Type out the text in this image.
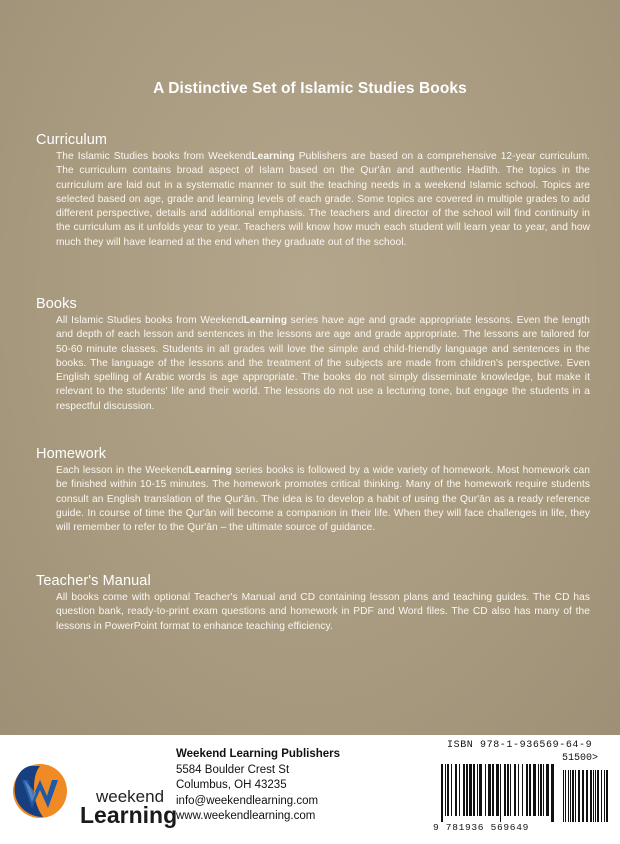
A Distinctive Set of Islamic Studies Books
Curriculum

The Islamic Studies books from WeekendLearning Publishers are based on a comprehensive 12-year curriculum. The curriculum contains broad aspect of Islam based on the Qur'ān and authentic Hadīth. The topics in the curriculum are laid out in a systematic manner to suit the teaching needs in a weekend Islamic school. Topics are selected based on age, grade and learning levels of each grade. Some topics are covered in multiple grades to add different perspective, details and additional emphasis. The teachers and director of the school will find continuity in the curriculum as it unfolds year to year. Teachers will know how much each student will learn year to year, and how much they will have learned at the end when they graduate out of the school.

Books

All Islamic Studies books from WeekendLearning series have age and grade appropriate lessons. Even the length and depth of each lesson and sentences in the lessons are age and grade appropriate. The lessons are tailored for 50-60 minute classes. Students in all grades will love the simple and child-friendly language and sentences in the books. The language of the lessons and the treatment of the subjects are made from children's perspective. Even English spelling of Arabic words is age appropriate. The books do not simply disseminate knowledge, but make it relevant to the students' life and their world. The lessons do not use a lecturing tone, but engage the students in a respectful discussion.

Homework

Each lesson in the WeekendLearning series books is followed by a wide variety of homework. Most homework can be finished within 10-15 minutes. The homework promotes critical thinking. Many of the homework require students consult an English translation of the Qur'ān. The idea is to develop a habit of using the Qur'ān as a ready reference guide. In course of time the Qur'ān will become a companion in their life. When they will face challenges in life, they will remember to refer to the Qur'ān – the ultimate source of guidance.

Teacher's Manual

All books come with optional Teacher's Manual and CD containing lesson plans and teaching guides. The CD has question bank, ready-to-print exam questions and homework in PDF and Word files. The CD also has many of the lessons in PowerPoint format to enhance teaching efficiency.

weekend
Learning
Weekend Learning Publishers
5584 Boulder Crest St
Columbus, OH 43235
info@weekendlearning.com
www.weekendlearning.com
ISBN 978-1-936569-64-9
51500>
9 781936 569649
